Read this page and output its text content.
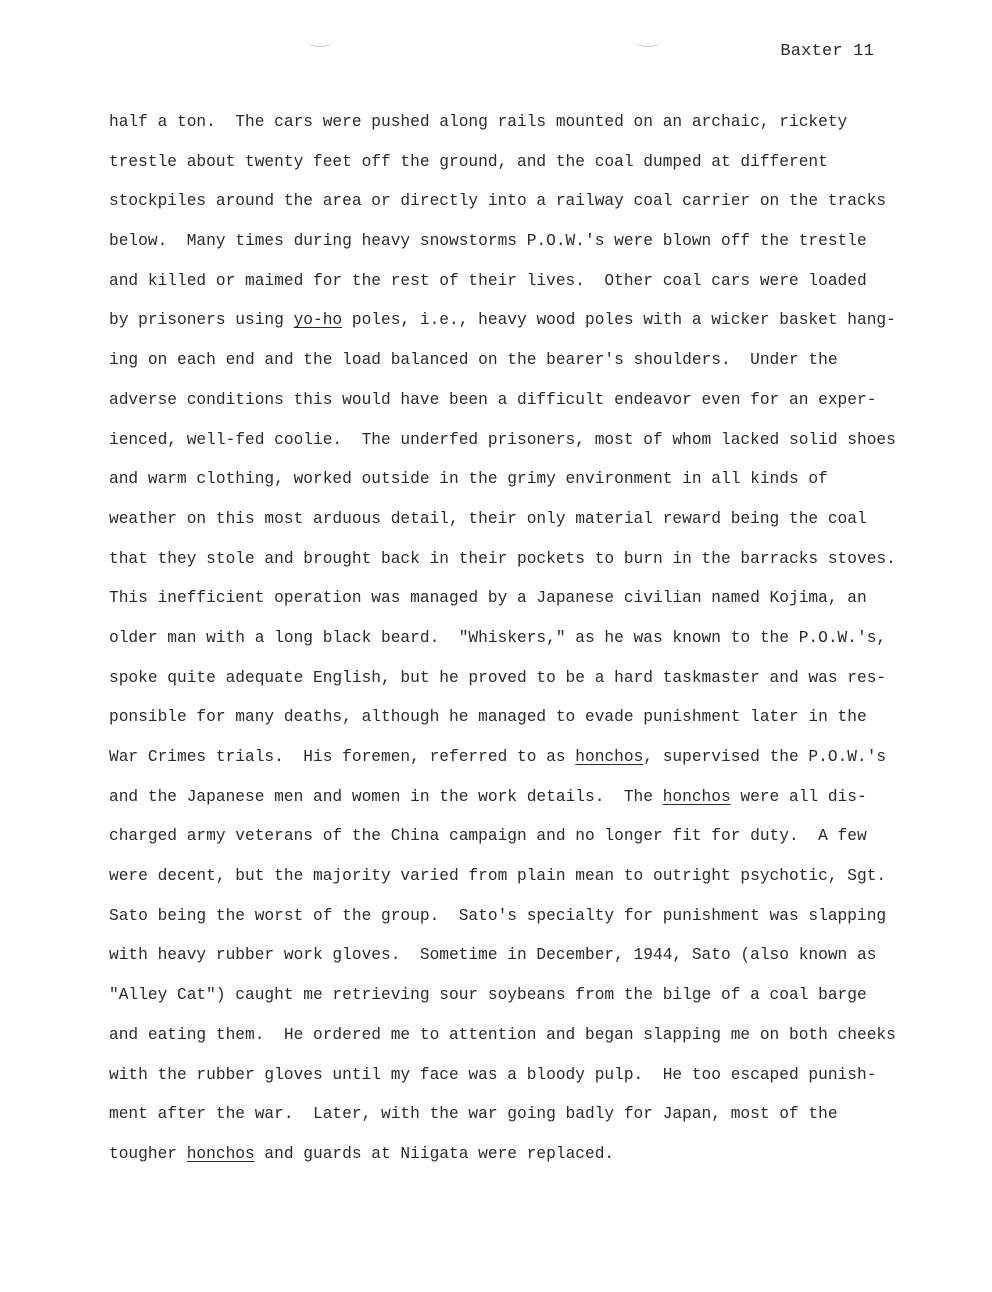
Baxter 11
half a ton.  The cars were pushed along rails mounted on an archaic, rickety
trestle about twenty feet off the ground, and the coal dumped at different
stockpiles around the area or directly into a railway coal carrier on the tracks
below.  Many times during heavy snowstorms P.O.W.'s were blown off the trestle
and killed or maimed for the rest of their lives.  Other coal cars were loaded
by prisoners using yo-ho poles, i.e., heavy wood poles with a wicker basket hang-
ing on each end and the load balanced on the bearer's shoulders.  Under the
adverse conditions this would have been a difficult endeavor even for an exper-
ienced, well-fed coolie.  The underfed prisoners, most of whom lacked solid shoes
and warm clothing, worked outside in the grimy environment in all kinds of
weather on this most arduous detail, their only material reward being the coal
that they stole and brought back in their pockets to burn in the barracks stoves.
This inefficient operation was managed by a Japanese civilian named Kojima, an
older man with a long black beard.  "Whiskers," as he was known to the P.O.W.'s,
spoke quite adequate English, but he proved to be a hard taskmaster and was res-
ponsible for many deaths, although he managed to evade punishment later in the
War Crimes trials.  His foremen, referred to as honchos, supervised the P.O.W.'s
and the Japanese men and women in the work details.  The honchos were all dis-
charged army veterans of the China campaign and no longer fit for duty.  A few
were decent, but the majority varied from plain mean to outright psychotic, Sgt.
Sato being the worst of the group.  Sato's specialty for punishment was slapping
with heavy rubber work gloves.  Sometime in December, 1944, Sato (also known as
"Alley Cat") caught me retrieving sour soybeans from the bilge of a coal barge
and eating them.  He ordered me to attention and began slapping me on both cheeks
with the rubber gloves until my face was a bloody pulp.  He too escaped punish-
ment after the war.  Later, with the war going badly for Japan, most of the
tougher honchos and guards at Niigata were replaced.
